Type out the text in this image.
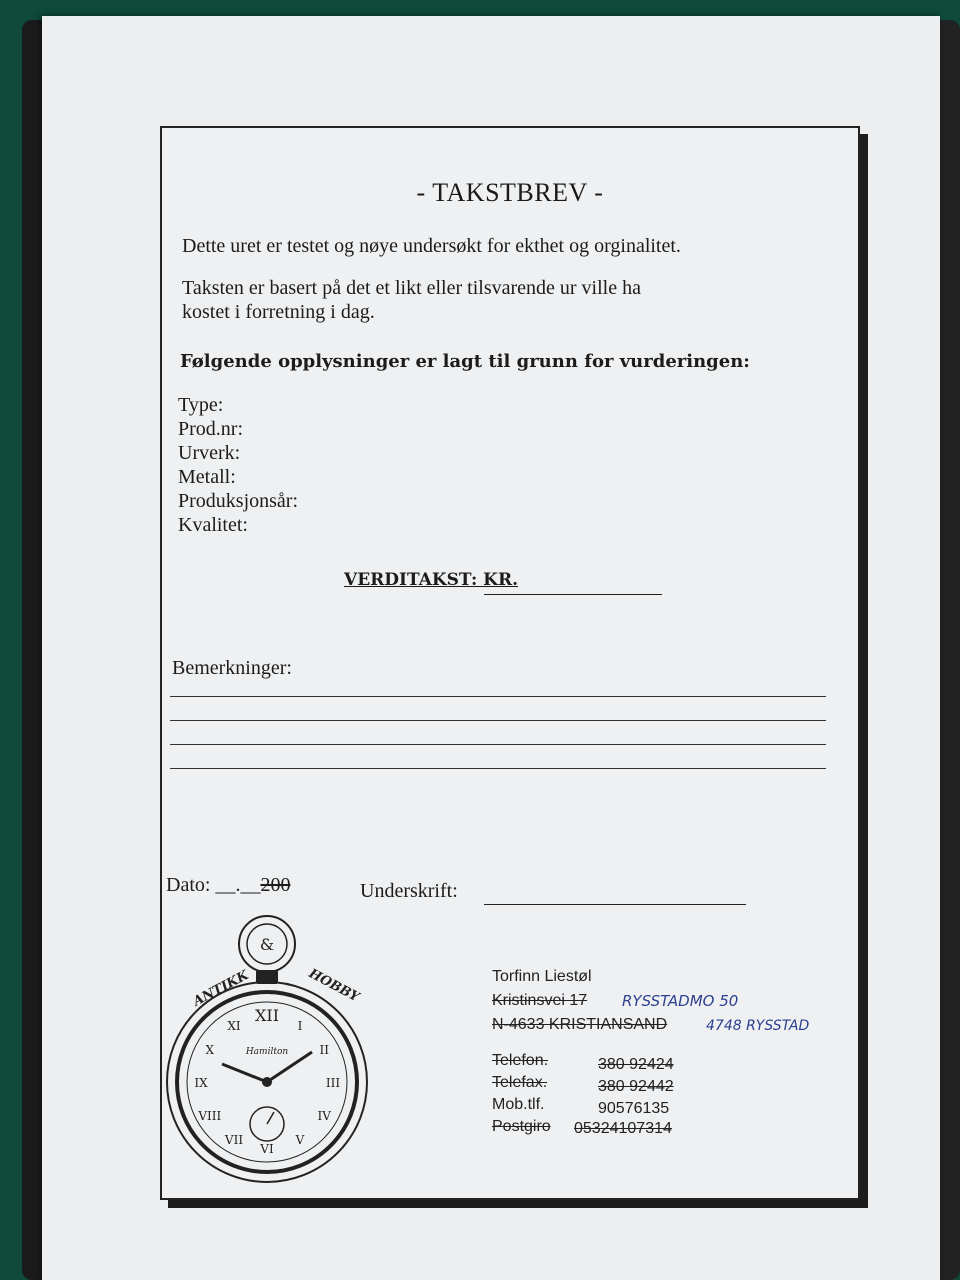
- TAKSTBREV -
Dette uret er testet og nøye undersøkt for ekthet og orginalitet.
Taksten er basert på det et likt eller tilsvarende ur ville ha
kostet i forretning i dag.
Følgende opplysninger er lagt til grunn for vurderingen:
Type:
Prod.nr:
Urverk:
Metall:
Produksjonsår:
Kvalitet:
VERDITAKST: KR.
Bemerkninger:
Dato: __.__200	Underskrift:
&
ANTIKK	HOBBY
XII
I
II
III
IV
V
VI
VII
VIII
IX
X
XI
Hamilton
Torfinn Liestøl
Kristinsvei 17 RYSSTADMO 50
N-4633 KRISTIANSAND	4748 RYSSTAD
Telefon.	380 92424
Telefax.	380 92442
Mob.tlf.	90576135
Postgiro 05324107314
